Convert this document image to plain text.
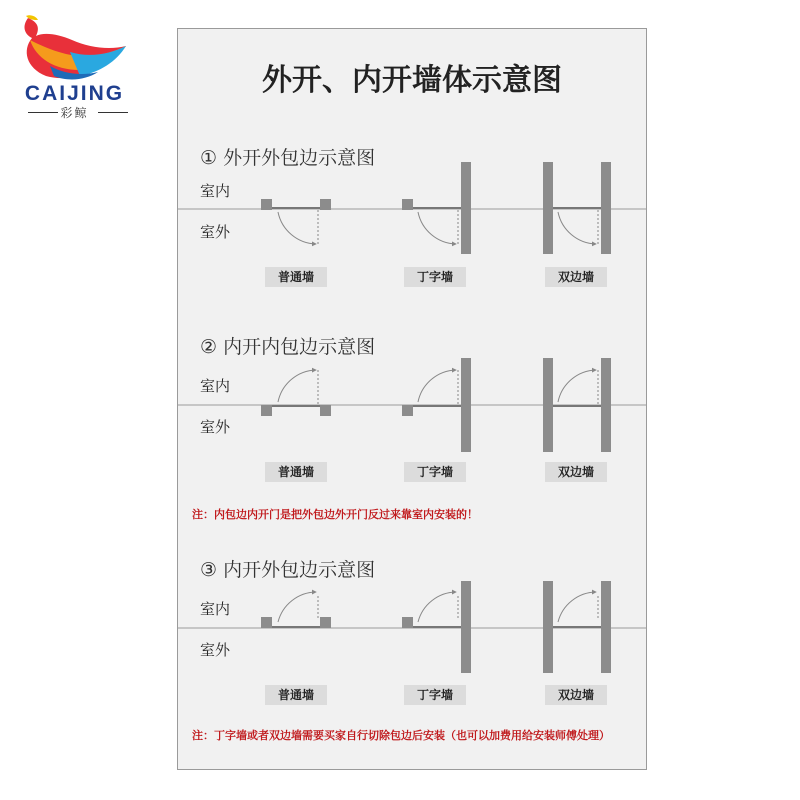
CAIJING
彩鲸
外开、内开墙体示意图
① 外开外包边示意图
② 内开内包边示意图
③ 内开外包边示意图
室内
室外
室内
室外
室内
室外
普通墙	丁字墙	双边墙
普通墙	丁字墙	双边墙
普通墙	丁字墙	双边墙
注：内包边内开门是把外包边外开门反过来靠室内安装的！
注：丁字墙或者双边墙需要买家自行切除包边后安装（也可以加费用给安装师傅处理）
